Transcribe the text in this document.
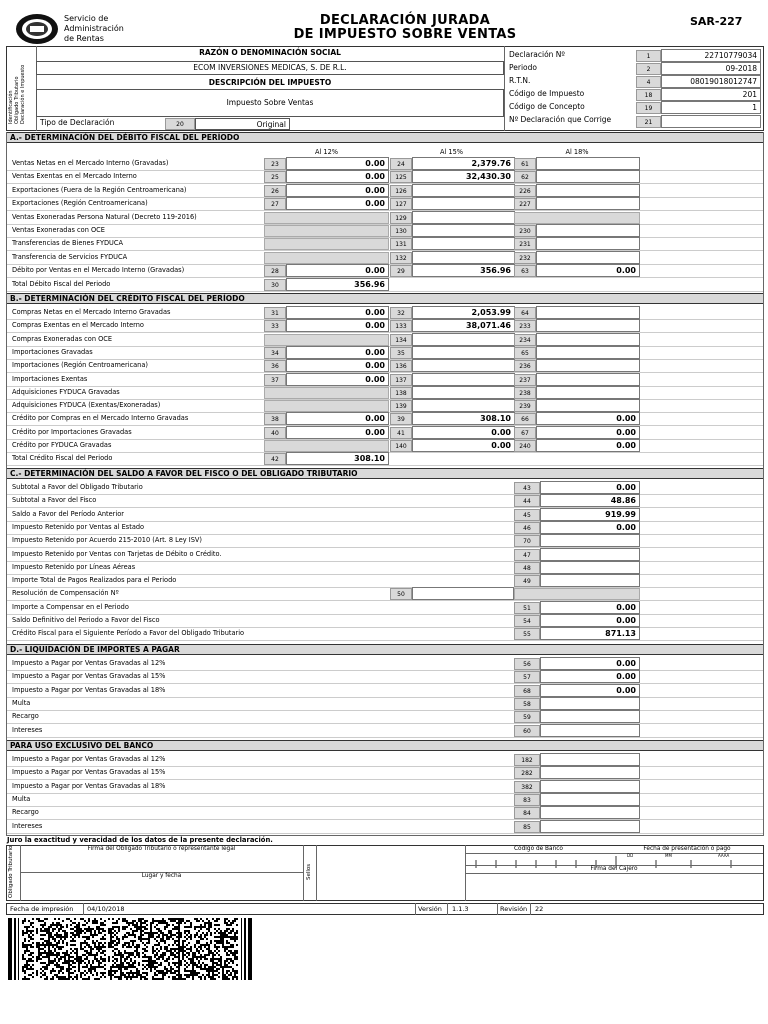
Servicio de
Administración
de Rentas
DECLARACIÓN JURADA
DE IMPUESTO SOBRE VENTAS
SAR-227
Identificación Obligado Tributario Declaración e Impuesto
RAZÓN O DENOMINACIÓN SOCIAL
ECOM INVERSIONES MEDICAS, S. DE R.L.
DESCRIPCIÓN DEL IMPUESTO
Impuesto Sobre Ventas
Tipo de Declaración	20	Original
Declaración Nº	1	22710779034
Periodo	2	09-2018
R.T.N.	4	08019018012747
Código de Impuesto	18	201
Código de Concepto	19	1
Nº Declaración que Corrige	21
A.- DETERMINACIÓN DEL DÉBITO FISCAL DEL PERÍODO
Al 12%	Al 15%	Al 18%
Ventas Netas en el Mercado Interno (Gravadas)	23	0.00	24	2,379.76	61
Ventas Exentas en el Mercado Interno	25	0.00	125	32,430.30	62
Exportaciones (Fuera de la Región Centroamericana)	26	0.00	126	226
Exportaciones (Región Centroamericana)	27	0.00	127	227
Ventas Exoneradas Persona Natural (Decreto 119-2016)	129
Ventas Exoneradas con OCE	130	230
Transferencias de Bienes FYDUCA	131	231
Transferencia de Servicios FYDUCA	132	232
Débito por Ventas en el Mercado Interno (Gravadas)	28	0.00	29	356.96	63	0.00
Total Débito Fiscal del Periodo	30	356.96
B.- DETERMINACIÓN DEL CRÉDITO FISCAL DEL PERÍODO
Compras Netas en el Mercado Interno Gravadas	31	0.00	32	2,053.99	64
Compras Exentas en el Mercado Interno	33	0.00	133	38,071.46	233
Compras Exoneradas con OCE	134	234
Importaciones Gravadas	34	0.00	35	65
Importaciones (Región Centroamericana)	36	0.00	136	236
Importaciones Exentas	37	0.00	137	237
Adquisiciones FYDUCA Gravadas	138	238
Adquisiciones FYDUCA (Exentas/Exoneradas)	139	239
Crédito por Compras en el Mercado Interno Gravadas	38	0.00	39	308.10	66	0.00
Crédito por Importaciones Gravadas	40	0.00	41	0.00	67	0.00
Crédito por FYDUCA Gravadas	140	0.00	240	0.00
Total Crédito Fiscal del Periodo	42	308.10
C.- DETERMINACIÓN DEL SALDO A FAVOR DEL FISCO O DEL OBLIGADO TRIBUTARIO
Subtotal a Favor del Obligado Tributario	43	0.00
Subtotal a Favor del Fisco	44	48.86
Saldo a Favor del Período Anterior	45	919.99
Impuesto Retenido por Ventas al Estado	46	0.00
Impuesto Retenido por Acuerdo 215-2010 (Art. 8 Ley ISV)	70
Impuesto Retenido por Ventas con Tarjetas de Débito o Crédito.	47
Impuesto Retenido por Líneas Aéreas	48
Importe Total de Pagos Realizados para el Periodo	49
Resolución de Compensación Nº	50
Importe a Compensar en el Periodo	51	0.00
Saldo Definitivo del Periodo a Favor del Fisco	54	0.00
Crédito Fiscal para el Siguiente Período a Favor del Obligado Tributario	55	871.13
D.- LIQUIDACIÓN DE IMPORTES A PAGAR
Impuesto a Pagar por Ventas Gravadas al 12%	56	0.00
Impuesto a Pagar por Ventas Gravadas al 15%	57	0.00
Impuesto a Pagar por Ventas Gravadas al 18%	68	0.00
Multa	58
Recargo	59
Intereses	60
PARA USO EXCLUSIVO DEL BANCO
Impuesto a Pagar por Ventas Gravadas al 12%	182
Impuesto a Pagar por Ventas Gravadas al 15%	282
Impuesto a Pagar por Ventas Gravadas al 18%	382
Multa	83
Recargo	84
Intereses	85
Juro la exactitud y veracidad de los datos de la presente declaración.
Obligado Tributario	Firma del Obligado Tributario o representante legal
Lugar y fecha	Sellos
Código de Banco	Fecha de presentación o pago
DD	MM	AAAA
Firma del Cajero
Fecha de impresión 04/10/2018	Versión 1.1.3	Revisión 22
